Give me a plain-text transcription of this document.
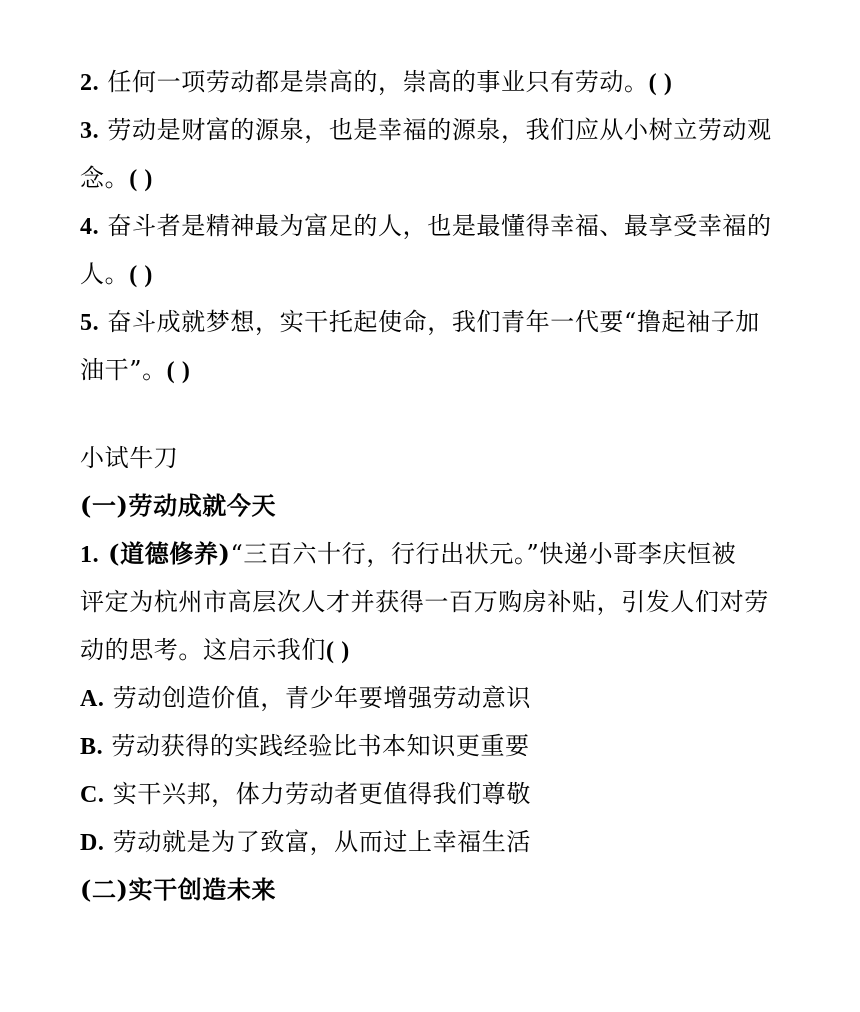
2. 任何一项劳动都是崇高的，崇高的事业只有劳动。( )
3. 劳动是财富的源泉，也是幸福的源泉，我们应从小树立劳动观
念。( )
4. 奋斗者是精神最为富足的人，也是最懂得幸福、最享受幸福的
人。( )
5. 奋斗成就梦想，实干托起使命，我们青年一代要“撸起袖子加
油干”。( )
小试牛刀
(一)劳动成就今天
1. (道德修养)“三百六十行，行行出状元。”快递小哥李庆恒被
评定为杭州市高层次人才并获得一百万购房补贴，引发人们对劳
动的思考。这启示我们( )
A. 劳动创造价值，青少年要增强劳动意识
B. 劳动获得的实践经验比书本知识更重要
C. 实干兴邦，体力劳动者更值得我们尊敬
D. 劳动就是为了致富，从而过上幸福生活
(二)实干创造未来
